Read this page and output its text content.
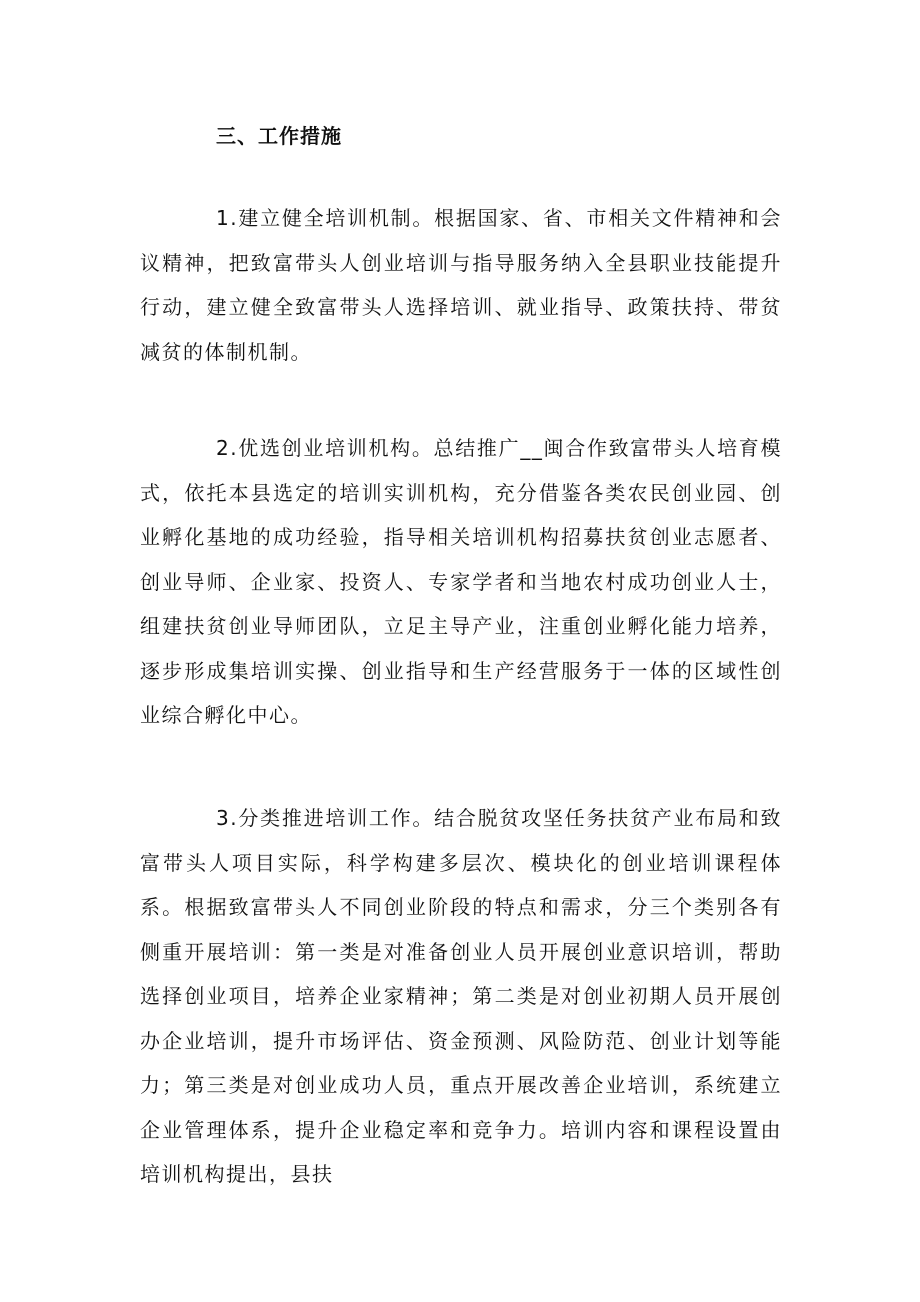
三、工作措施

1.建立健全培训机制。根据国家、省、市相关文件精神和会议精神，把致富带头人创业培训与指导服务纳入全县职业技能提升行动，建立健全致富带头人选择培训、就业指导、政策扶持、带贫减贫的体制机制。

2.优选创业培训机构。总结推广__闽合作致富带头人培育模式，依托本县选定的培训实训机构，充分借鉴各类农民创业园、创业孵化基地的成功经验，指导相关培训机构招募扶贫创业志愿者、创业导师、企业家、投资人、专家学者和当地农村成功创业人士，组建扶贫创业导师团队，立足主导产业，注重创业孵化能力培养，逐步形成集培训实操、创业指导和生产经营服务于一体的区域性创业综合孵化中心。

3.分类推进培训工作。结合脱贫攻坚任务扶贫产业布局和致富带头人项目实际，科学构建多层次、模块化的创业培训课程体系。根据致富带头人不同创业阶段的特点和需求，分三个类别各有侧重开展培训：第一类是对准备创业人员开展创业意识培训，帮助选择创业项目，培养企业家精神；第二类是对创业初期人员开展创办企业培训，提升市场评估、资金预测、风险防范、创业计划等能力；第三类是对创业成功人员，重点开展改善企业培训，系统建立企业管理体系，提升企业稳定率和竞争力。培训内容和课程设置由培训机构提出，县扶
